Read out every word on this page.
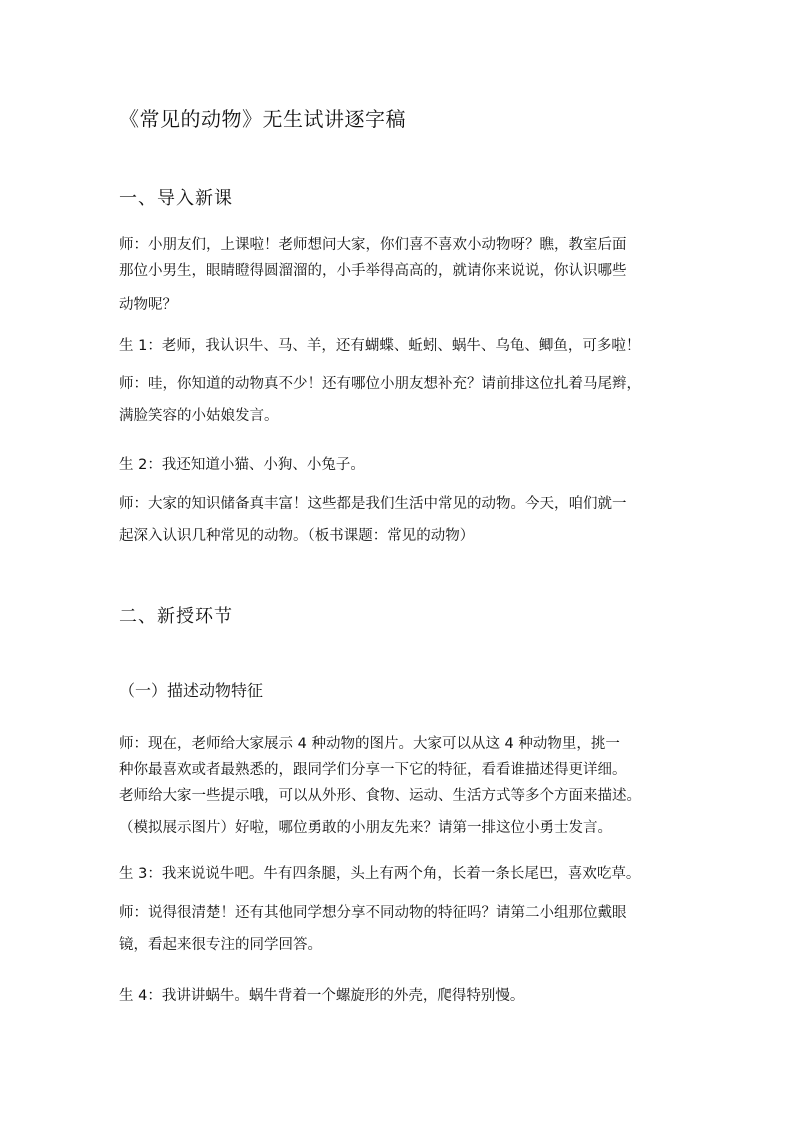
《常见的动物》无生试讲逐字稿
一、导入新课

师：小朋友们，上课啦！老师想问大家，你们喜不喜欢小动物呀？瞧，教室后面
那位小男生，眼睛瞪得圆溜溜的，小手举得高高的，就请你来说说，你认识哪些
动物呢？

生 1：老师，我认识牛、马、羊，还有蝴蝶、蚯蚓、蜗牛、乌龟、鲫鱼，可多啦！

师：哇，你知道的动物真不少！还有哪位小朋友想补充？请前排这位扎着马尾辫，
满脸笑容的小姑娘发言。

生 2：我还知道小猫、小狗、小兔子。

师：大家的知识储备真丰富！这些都是我们生活中常见的动物。今天，咱们就一
起深入认识几种常见的动物。（板书课题：常见的动物）

二、新授环节
（一）描述动物特征

师：现在，老师给大家展示 4 种动物的图片。大家可以从这 4 种动物里，挑一
种你最喜欢或者最熟悉的，跟同学们分享一下它的特征，看看谁描述得更详细。
老师给大家一些提示哦，可以从外形、食物、运动、生活方式等多个方面来描述。
（模拟展示图片）好啦，哪位勇敢的小朋友先来？请第一排这位小勇士发言。

生 3：我来说说牛吧。牛有四条腿，头上有两个角，长着一条长尾巴，喜欢吃草。

师：说得很清楚！还有其他同学想分享不同动物的特征吗？请第二小组那位戴眼
镜，看起来很专注的同学回答。

生 4：我讲讲蜗牛。蜗牛背着一个螺旋形的外壳，爬得特别慢。
